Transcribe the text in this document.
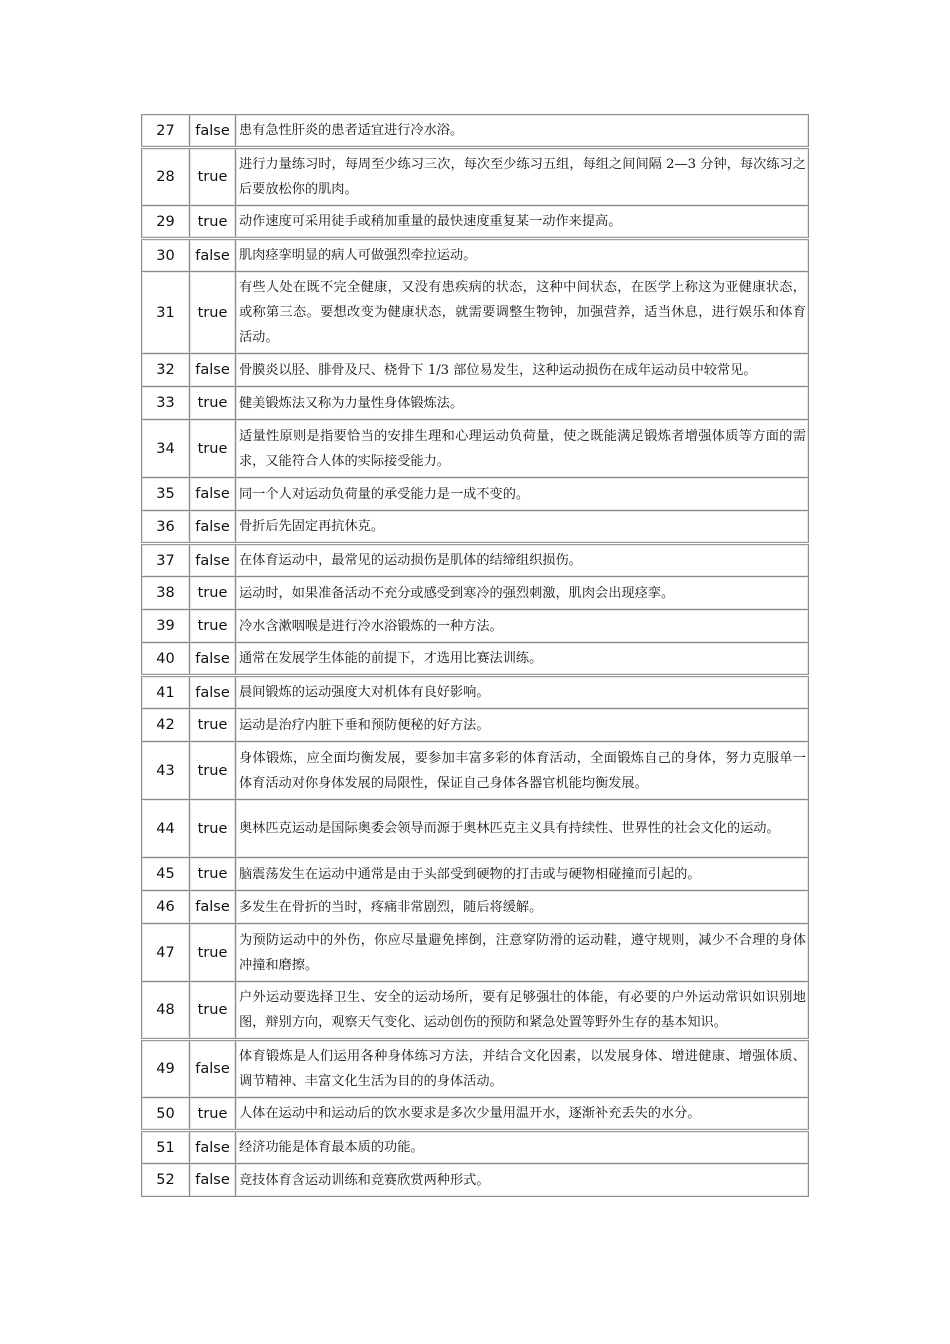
27	false	患有急性肝炎的患者适宜进行冷水浴。
28	true	进行力量练习时，每周至少练习三次，每次至少练习五组，每组之间间隔 2—3 分钟，每次练习之后要放松你的肌肉。
29	true	动作速度可采用徒手或稍加重量的最快速度重复某一动作来提高。
30	false	肌肉痉挛明显的病人可做强烈牵拉运动。
31	true	有些人处在既不完全健康，又没有患疾病的状态，这种中间状态，在医学上称这为亚健康状态，或称第三态。要想改变为健康状态，就需要调整生物钟，加强营养，适当休息，进行娱乐和体育活动。
32	false	骨膜炎以胫、腓骨及尺、桡骨下 1/3 部位易发生，这种运动损伤在成年运动员中较常见。
33	true	健美锻炼法又称为力量性身体锻炼法。
34	true	适量性原则是指要恰当的安排生理和心理运动负荷量，使之既能满足锻炼者增强体质等方面的需求，又能符合人体的实际接受能力。
35	false	同一个人对运动负荷量的承受能力是一成不变的。
36	false	骨折后先固定再抗休克。
37	false	在体育运动中，最常见的运动损伤是肌体的结缔组织损伤。
38	true	运动时，如果准备活动不充分或感受到寒冷的强烈刺激，肌肉会出现痉挛。
39	true	冷水含漱咽喉是进行冷水浴锻炼的一种方法。
40	false	通常在发展学生体能的前提下，才选用比赛法训练。
41	false	晨间锻炼的运动强度大对机体有良好影响。
42	true	运动是治疗内脏下垂和预防便秘的好方法。
43	true	身体锻炼，应全面均衡发展，要参加丰富多彩的体育活动，全面锻炼自己的身体，努力克服单一体育活动对你身体发展的局限性，保证自己身体各器官机能均衡发展。
44	true	奥林匹克运动是国际奥委会领导而源于奥林匹克主义具有持续性、世界性的社会文化的运动。
45	true	脑震荡发生在运动中通常是由于头部受到硬物的打击或与硬物相碰撞而引起的。
46	false	多发生在骨折的当时，疼痛非常剧烈，随后将缓解。
47	true	为预防运动中的外伤，你应尽量避免摔倒，注意穿防滑的运动鞋，遵守规则，减少不合理的身体冲撞和磨擦。
48	true	户外运动要选择卫生、安全的运动场所，要有足够强壮的体能，有必要的户外运动常识如识别地图，辩别方向，观察天气变化、运动创伤的预防和紧急处置等野外生存的基本知识。
49	false	体育锻炼是人们运用各种身体练习方法，并结合文化因素，以发展身体、增进健康、增强体质、调节精神、丰富文化生活为目的的身体活动。
50	true	人体在运动中和运动后的饮水要求是多次少量用温开水，逐渐补充丢失的水分。
51	false	经济功能是体育最本质的功能。
52	false	竞技体育含运动训练和竞赛欣赏两种形式。
